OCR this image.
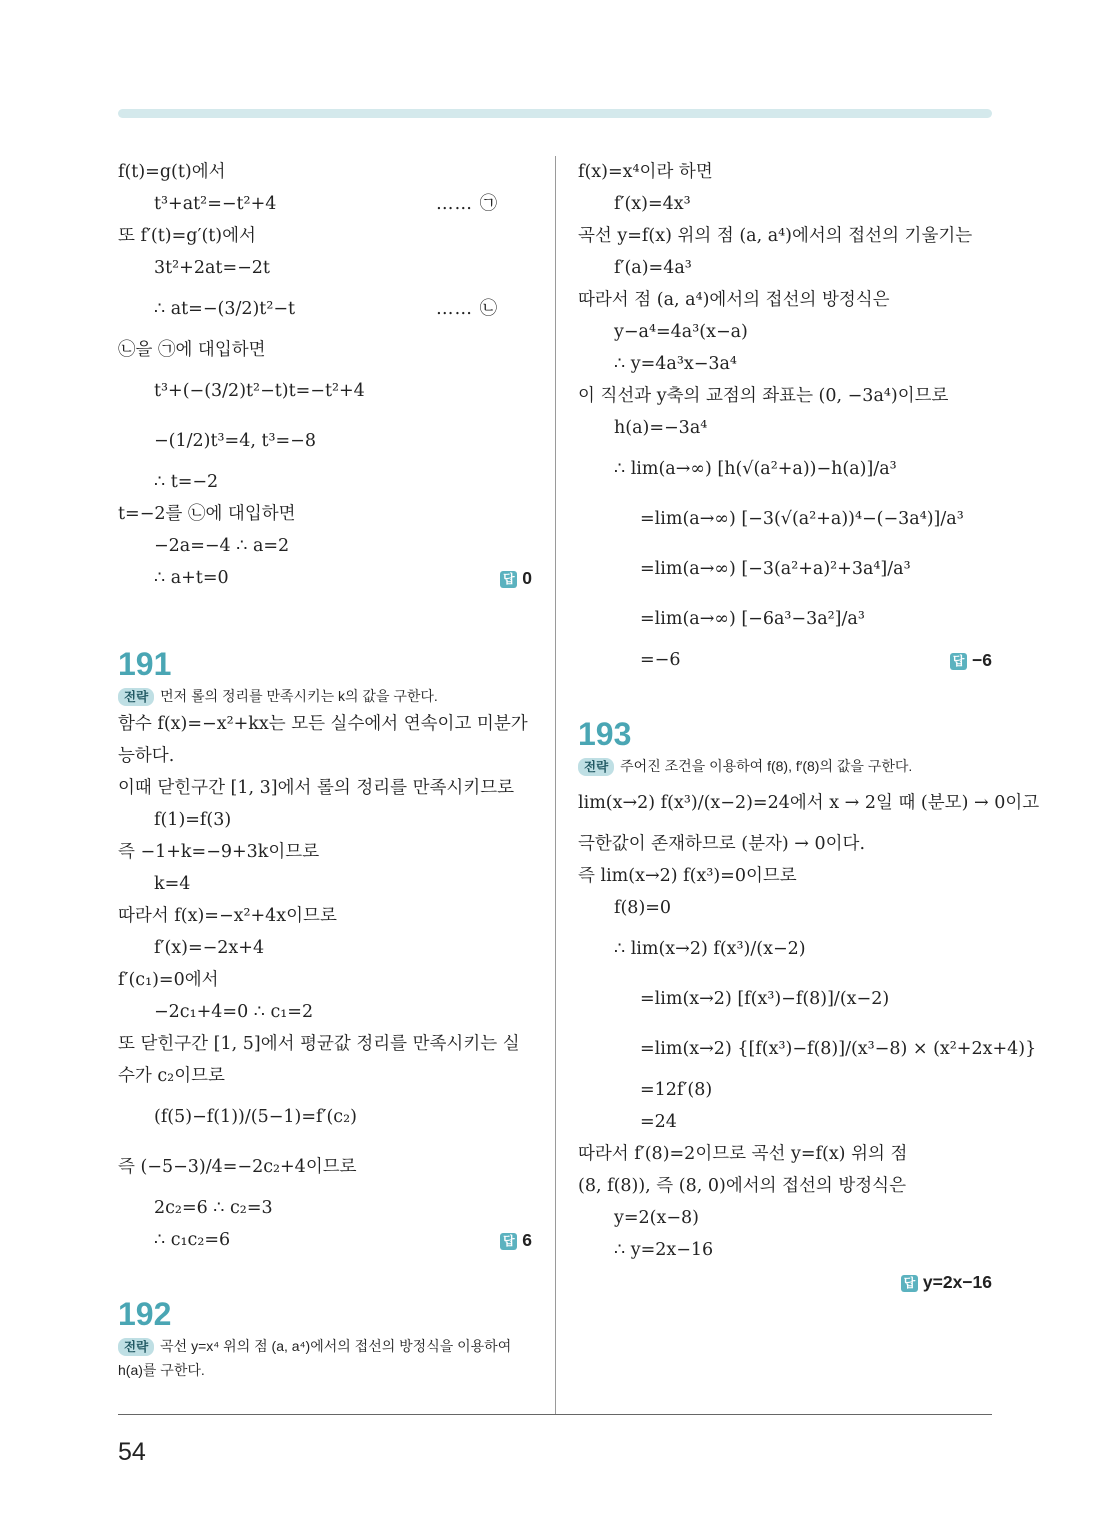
f(t)=g(t)에서
t³+at²=−t²+4	…… ㉠
또 f′(t)=g′(t)에서
3t²+2at=−2t
∴ at=−(3/2)t²−t	…… ㉡
㉡을 ㉠에 대입하면
t³+(−(3/2)t²−t)t=−t²+4
−(1/2)t³=4, t³=−8
∴ t=−2
t=−2를 ㉡에 대입하면
−2a=−4 ∴ a=2
∴ a+t=0	답 0
191
전략 먼저 롤의 정리를 만족시키는 k의 값을 구한다.
함수 f(x)=−x²+kx는 모든 실수에서 연속이고 미분가능하다.
이때 닫힌구간 [1, 3]에서 롤의 정리를 만족시키므로
f(1)=f(3)
즉 −1+k=−9+3k이므로
k=4
따라서 f(x)=−x²+4x이므로
f′(x)=−2x+4
f′(c₁)=0에서
−2c₁+4=0 ∴ c₁=2
또 닫힌구간 [1, 5]에서 평균값 정리를 만족시키는 실수가 c₂이므로
(f(5)−f(1))/(5−1)=f′(c₂)
즉 (−5−3)/4=−2c₂+4이므로
2c₂=6 ∴ c₂=3
∴ c₁c₂=6	답 6
192
전략 곡선 y=x⁴ 위의 점 (a, a⁴)에서의 접선의 방정식을 이용하여 h(a)를 구한다.
f(x)=x⁴이라 하면
f′(x)=4x³
곡선 y=f(x) 위의 점 (a, a⁴)에서의 접선의 기울기는
f′(a)=4a³
따라서 점 (a, a⁴)에서의 접선의 방정식은
y−a⁴=4a³(x−a)
∴ y=4a³x−3a⁴
이 직선과 y축의 교점의 좌표는 (0, −3a⁴)이므로
h(a)=−3a⁴
∴ lim(a→∞) [h(√(a²+a))−h(a)]/a³
=lim(a→∞) [−3(√(a²+a))⁴−(−3a⁴)]/a³
=lim(a→∞) [−3(a²+a)²+3a⁴]/a³
=lim(a→∞) [−6a³−3a²]/a³
=−6	답 −6
193
전략 주어진 조건을 이용하여 f(8), f′(8)의 값을 구한다.
lim(x→2) f(x³)/(x−2)=24에서 x → 2일 때 (분모) → 0이고
극한값이 존재하므로 (분자) → 0이다.
즉 lim(x→2) f(x³)=0이므로
f(8)=0
∴ lim(x→2) f(x³)/(x−2)
=lim(x→2) [f(x³)−f(8)]/(x−2)
=lim(x→2) {[f(x³)−f(8)]/(x³−8) × (x²+2x+4)}
=12f′(8)
=24
따라서 f′(8)=2이므로 곡선 y=f(x) 위의 점
(8, f(8)), 즉 (8, 0)에서의 접선의 방정식은
y=2(x−8)
∴ y=2x−16
답 y=2x−16
54
